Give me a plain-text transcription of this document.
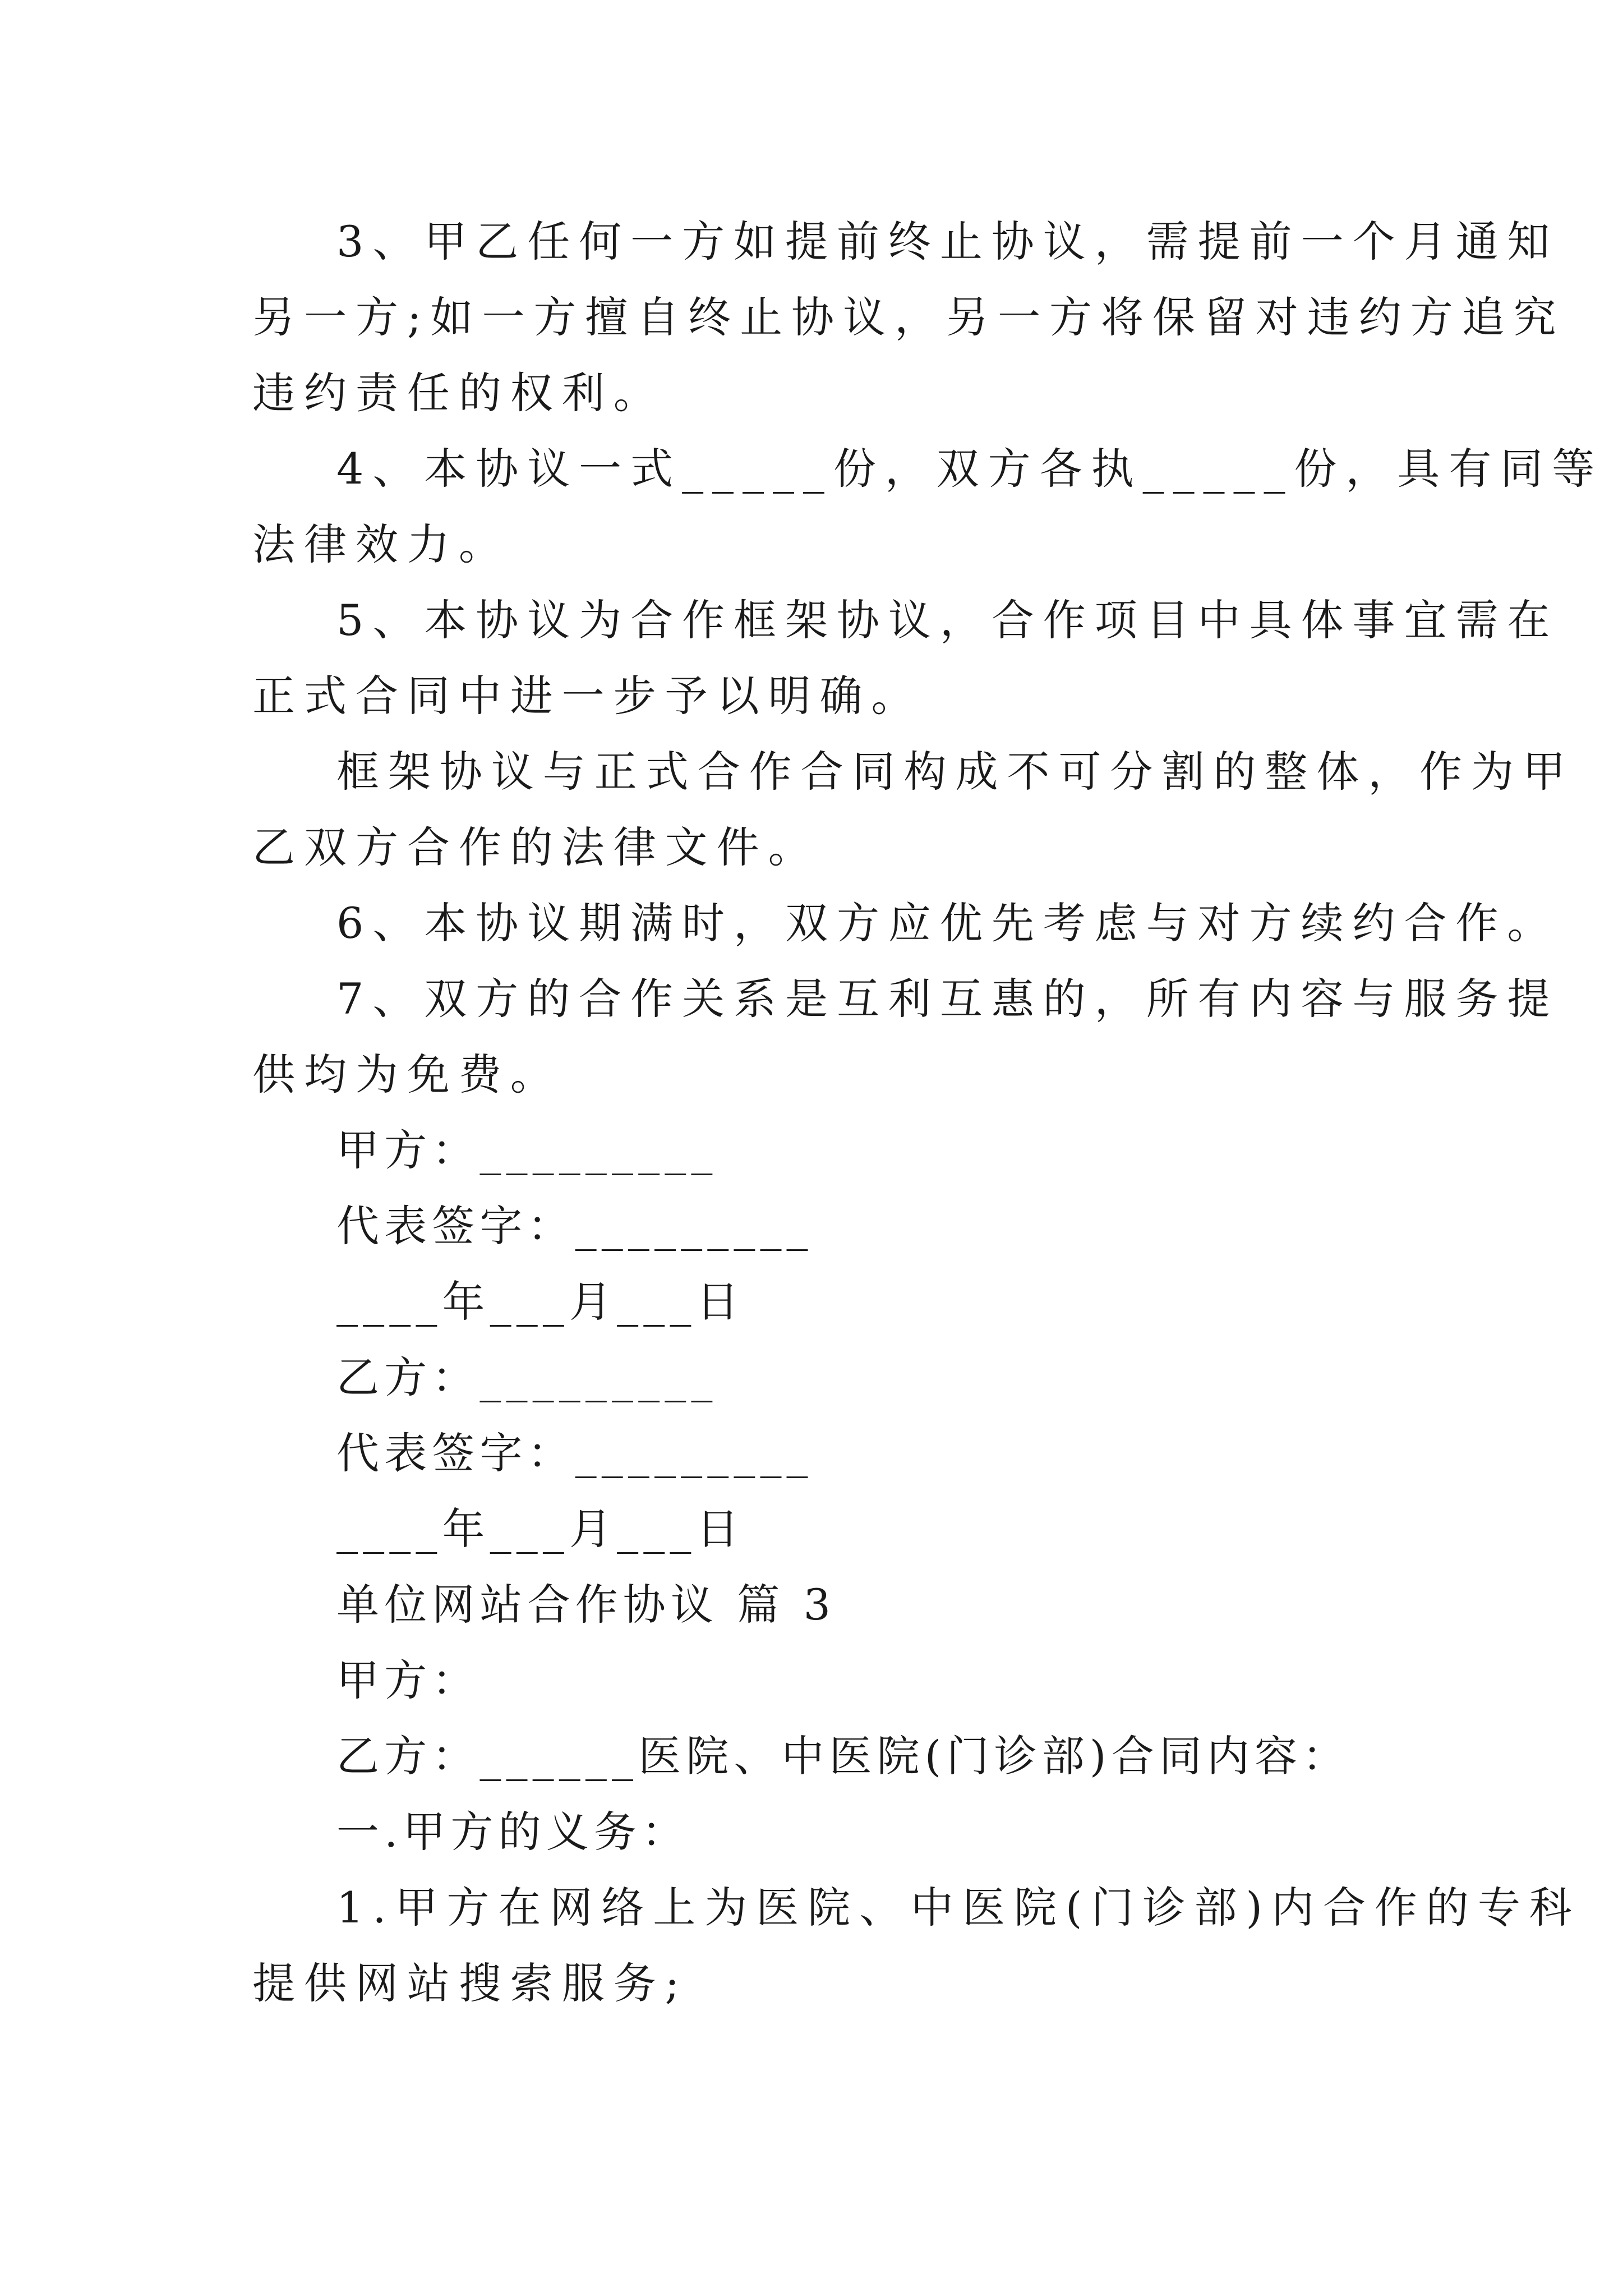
3、甲乙任何一方如提前终止协议，需提前一个月通知
另一方;如一方擅自终止协议，另一方将保留对违约方追究
违约责任的权利。
4、本协议一式_____份，双方各执_____份，具有同等
法律效力。
5、本协议为合作框架协议，合作项目中具体事宜需在
正式合同中进一步予以明确。
框架协议与正式合作合同构成不可分割的整体，作为甲
乙双方合作的法律文件。
6、本协议期满时，双方应优先考虑与对方续约合作。
7、双方的合作关系是互利互惠的，所有内容与服务提
供均为免费。
甲方：_________
代表签字：_________
____年___月___日
乙方：_________
代表签字：_________
____年___月___日
单位网站合作协议 篇 3
甲方：
乙方：______医院、中医院(门诊部)合同内容：
一.甲方的义务：
1.甲方在网络上为医院、中医院(门诊部)内合作的专科
提供网站搜索服务;
